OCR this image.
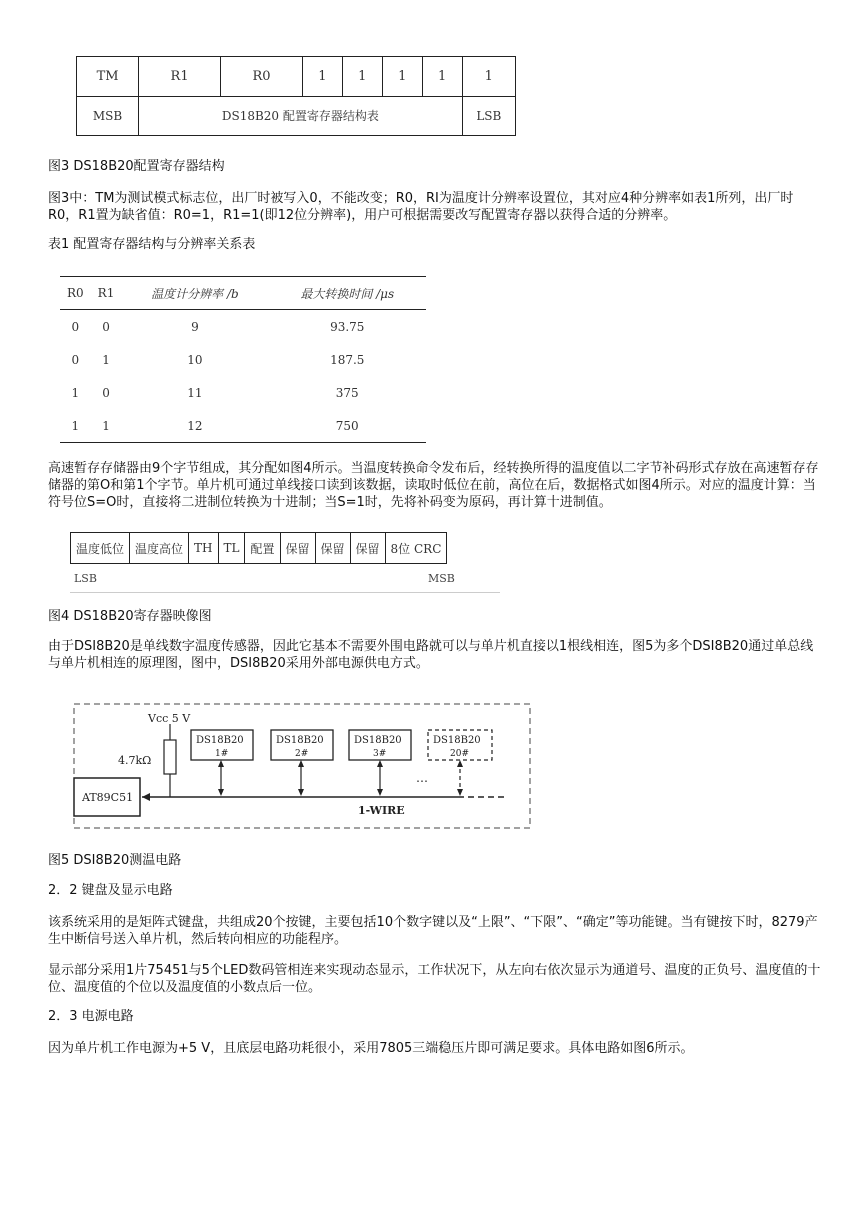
TM	R1	R0	1	1	1	1	1
MSB	DS18B20 配置寄存器结构表						LSB

图3 DS18B20配置寄存器结构

图3中：TM为测试模式标志位，出厂时被写入0，不能改变；R0，RI为温度计分辨率设置位，其对应4种分辨率如表1所列，出厂时R0，R1置为缺省值：R0=1，R1=1(即12位分辨率)，用户可根据需要改写配置寄存器以获得合适的分辨率。

表1 配置寄存器结构与分辨率关系表

R0	R1	温度计分辨率 /b	最大转换时间 /μs
0	0	9	93.75
0	1	10	187.5
1	0	11	375
1	1	12	750

高速暂存存储器由9个字节组成，其分配如图4所示。当温度转换命令发布后，经转换所得的温度值以二字节补码形式存放在高速暂存存储器的第O和第1个字节。单片机可通过单线接口读到该数据，读取时低位在前，高位在后，数据格式如图4所示。对应的温度计算：当符号位S=O时，直接将二进制位转换为十进制；当S=1时，先将补码变为原码，再计算十进制值。

温度低位	温度高位	TH	TL	配置	保留	保留	保留	8位 CRC
LSB	MSB

图4 DS18B20寄存器映像图

由于DSI8B20是单线数字温度传感器，因此它基本不需要外围电路就可以与单片机直接以1根线相连，图5为多个DSI8B20通过单总线与单片机相连的原理图，图中，DSI8B20采用外部电源供电方式。

Vcc 5 V
4.7kΩ
AT89C51
1-WIRE
…
DS18B20
1#
DS18B20
2#
DS18B20
3#
DS18B20
20#

图5 DSI8B20测温电路

2．2 键盘及显示电路

该系统采用的是矩阵式键盘，共组成20个按键，主要包括10个数字键以及“上限”、“下限”、“确定”等功能键。当有键按下时，8279产生中断信号送入单片机，然后转向相应的功能程序。

显示部分采用1片75451与5个LED数码管相连来实现动态显示，工作状况下，从左向右依次显示为通道号、温度的正负号、温度值的十位、温度值的个位以及温度值的小数点后一位。

2．3 电源电路

因为单片机工作电源为+5 V，且底层电路功耗很小，采用7805三端稳压片即可满足要求。具体电路如图6所示。
